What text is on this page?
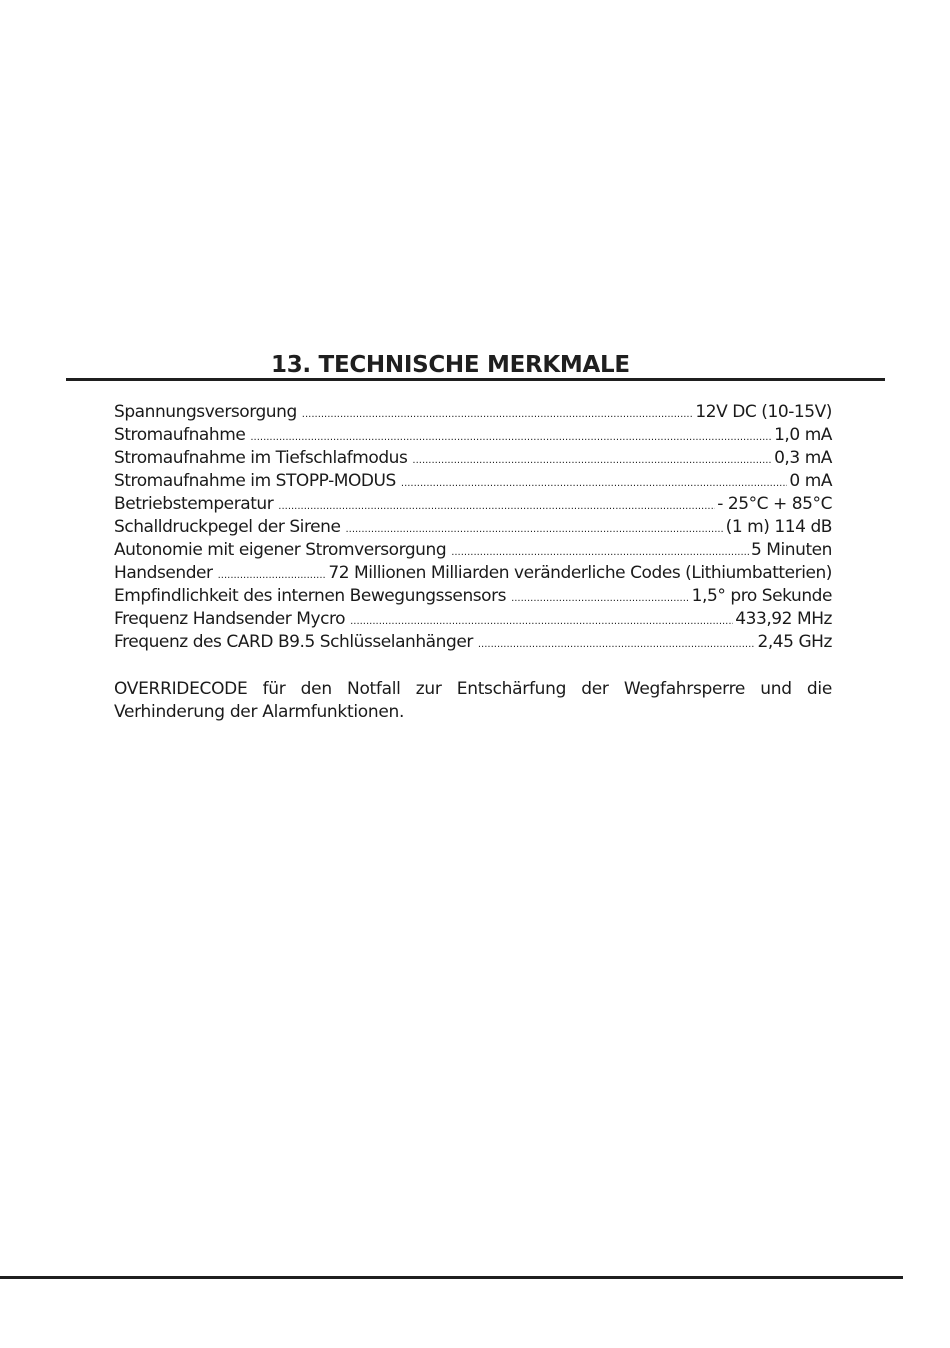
13. TECHNISCHE MERKMALE
Spannungsversorgung .....	12V DC (10-15V)
Stromaufnahme .....	1,0 mA
Stromaufnahme im Tiefschlafmodus .....	0,3 mA
Stromaufnahme im STOPP-MODUS .....	0 mA
Betriebstemperatur .....	- 25°C + 85°C
Schalldruckpegel der Sirene .....	(1 m) 114 dB
Autonomie mit eigener Stromversorgung .....	5 Minuten
Handsender .....	72 Millionen Milliarden veränderliche Codes (Lithiumbatterien)
Empfindlichkeit des internen Bewegungssensors .....	1,5° pro Sekunde
Frequenz Handsender Mycro .....	433,92 MHz
Frequenz des CARD B9.5 Schlüsselanhänger .....	2,45 GHz

OVERRIDECODE für den Notfall zur Entschärfung der Wegfahrsperre und die Verhinderung der Alarmfunktionen.
